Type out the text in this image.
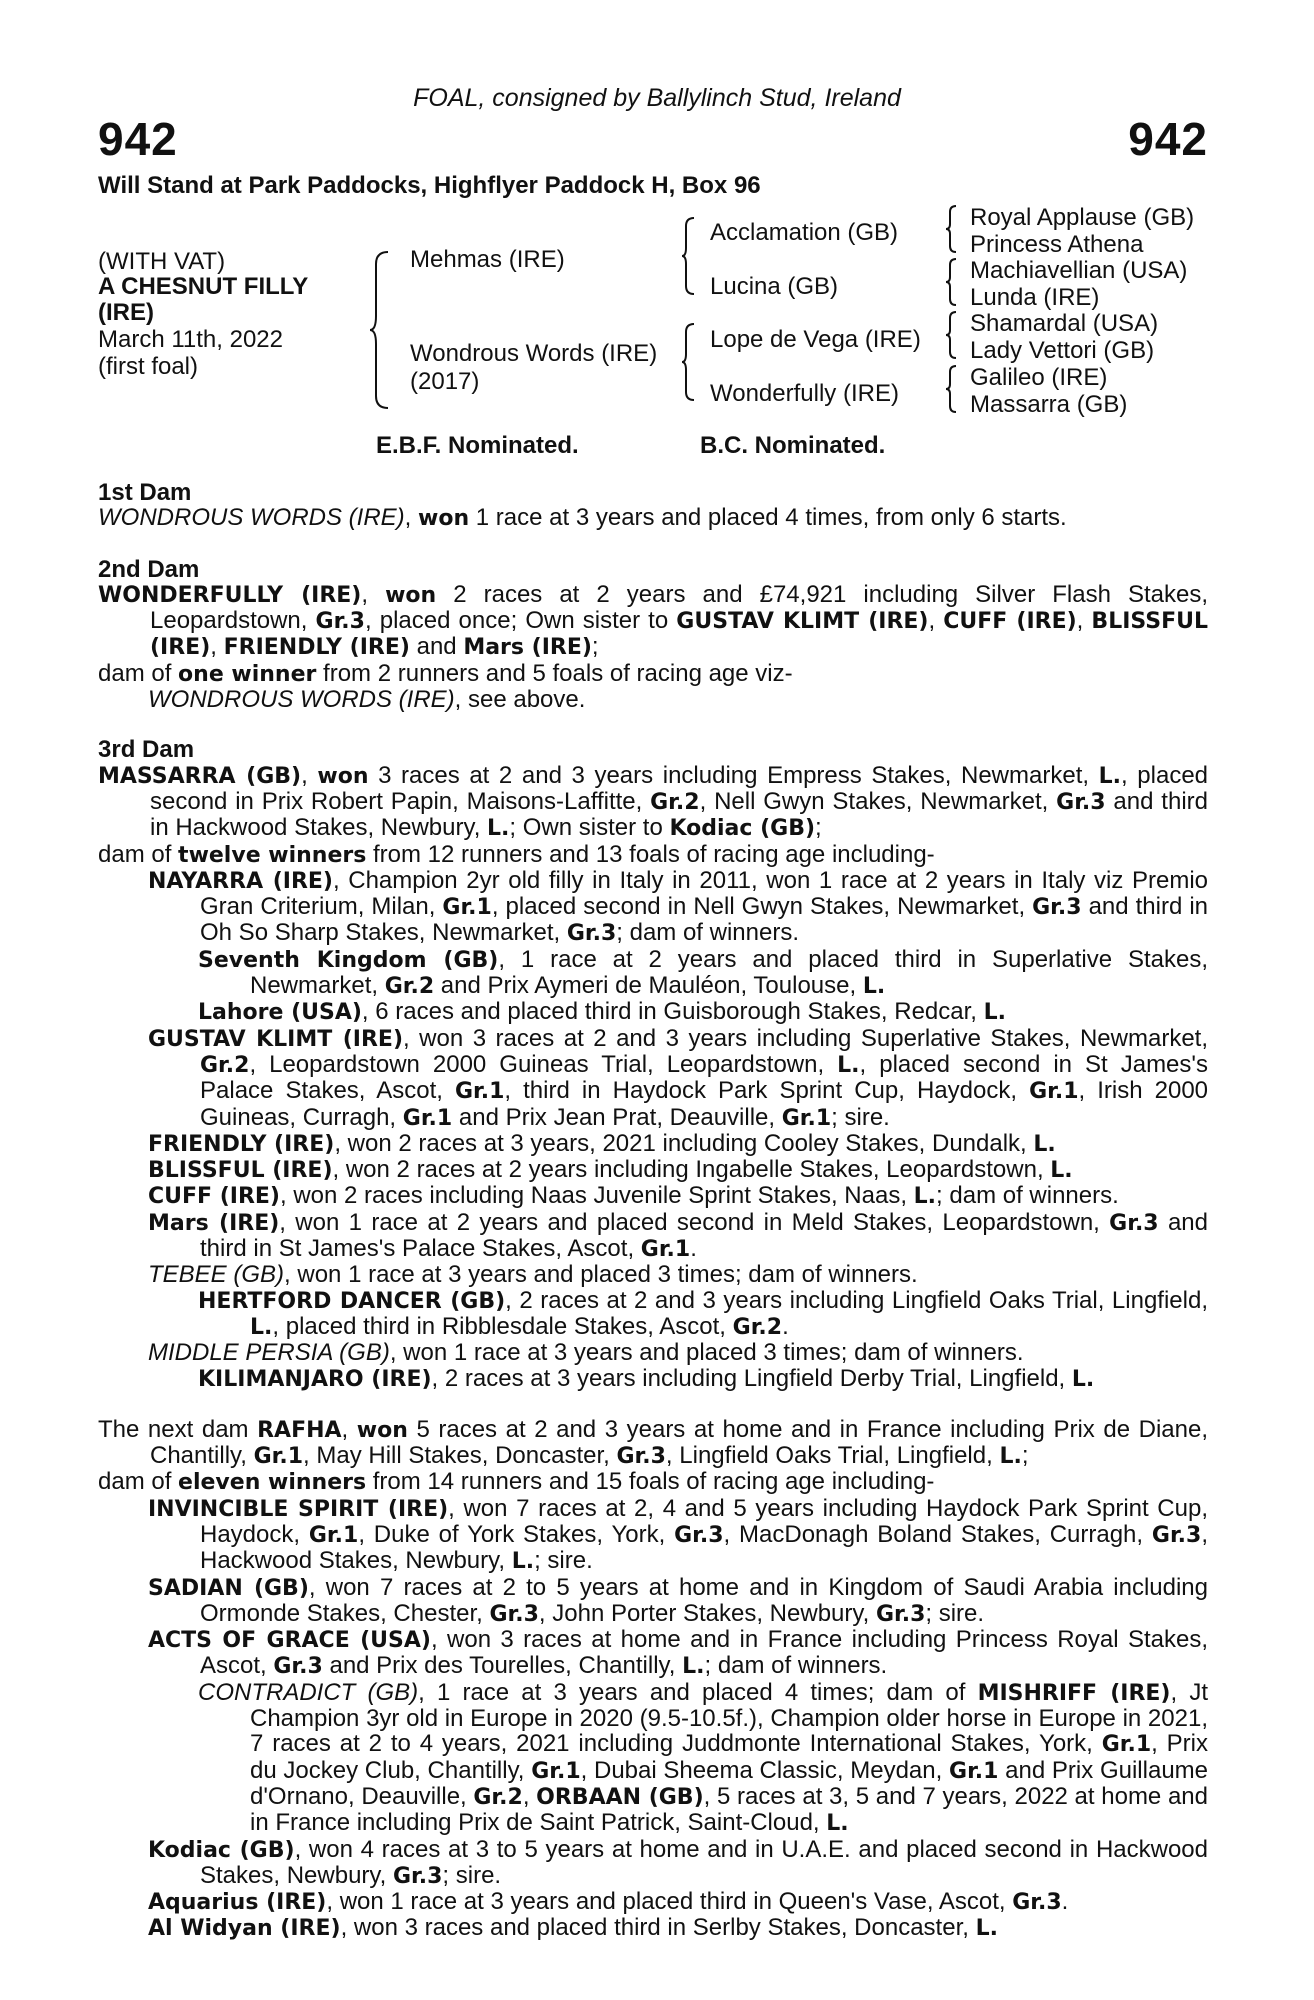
FOAL, consigned by Ballylinch Stud, Ireland
942	942
Will Stand at Park Paddocks, Highflyer Paddock H, Box 96
(WITH VAT)
A CHESNUT FILLY
(IRE)
March 11th, 2022
(first foal)
Mehmas (IRE)
Wondrous Words (IRE)
(2017)
Acclamation (GB)
Lucina (GB)
Lope de Vega (IRE)
Wonderfully (IRE)
Royal Applause (GB)
Princess Athena
Machiavellian (USA)
Lunda (IRE)
Shamardal (USA)
Lady Vettori (GB)
Galileo (IRE)
Massarra (GB)
E.B.F. Nominated.	B.C. Nominated.

1st Dam

WONDROUS WORDS (IRE), won 1 race at 3 years and placed 4 times, from only 6 starts.

2nd Dam

WONDERFULLY (IRE), won 2 races at 2 years and £74,921 including Silver Flash Stakes, Leopardstown, Gr.3, placed once; Own sister to GUSTAV KLIMT (IRE), CUFF (IRE), BLISSFUL (IRE), FRIENDLY (IRE) and Mars (IRE);

dam of one winner from 2 runners and 5 foals of racing age viz-

WONDROUS WORDS (IRE), see above.

3rd Dam

MASSARRA (GB), won 3 races at 2 and 3 years including Empress Stakes, Newmarket, L., placed second in Prix Robert Papin, Maisons-Laffitte, Gr.2, Nell Gwyn Stakes, Newmarket, Gr.3 and third in Hackwood Stakes, Newbury, L.; Own sister to Kodiac (GB);

dam of twelve winners from 12 runners and 13 foals of racing age including-

NAYARRA (IRE), Champion 2yr old filly in Italy in 2011, won 1 race at 2 years in Italy viz Premio Gran Criterium, Milan, Gr.1, placed second in Nell Gwyn Stakes, Newmarket, Gr.3 and third in Oh So Sharp Stakes, Newmarket, Gr.3; dam of winners.

Seventh Kingdom (GB), 1 race at 2 years and placed third in Superlative Stakes, Newmarket, Gr.2 and Prix Aymeri de Mauléon, Toulouse, L.

Lahore (USA), 6 races and placed third in Guisborough Stakes, Redcar, L.

GUSTAV KLIMT (IRE), won 3 races at 2 and 3 years including Superlative Stakes, Newmarket, Gr.2, Leopardstown 2000 Guineas Trial, Leopardstown, L., placed second in St James's Palace Stakes, Ascot, Gr.1, third in Haydock Park Sprint Cup, Haydock, Gr.1, Irish 2000 Guineas, Curragh, Gr.1 and Prix Jean Prat, Deauville, Gr.1; sire.

FRIENDLY (IRE), won 2 races at 3 years, 2021 including Cooley Stakes, Dundalk, L.

BLISSFUL (IRE), won 2 races at 2 years including Ingabelle Stakes, Leopardstown, L.

CUFF (IRE), won 2 races including Naas Juvenile Sprint Stakes, Naas, L.; dam of winners.

Mars (IRE), won 1 race at 2 years and placed second in Meld Stakes, Leopardstown, Gr.3 and third in St James's Palace Stakes, Ascot, Gr.1.

TEBEE (GB), won 1 race at 3 years and placed 3 times; dam of winners.

HERTFORD DANCER (GB), 2 races at 2 and 3 years including Lingfield Oaks Trial, Lingfield, L., placed third in Ribblesdale Stakes, Ascot, Gr.2.

MIDDLE PERSIA (GB), won 1 race at 3 years and placed 3 times; dam of winners.

KILIMANJARO (IRE), 2 races at 3 years including Lingfield Derby Trial, Lingfield, L.

The next dam RAFHA, won 5 races at 2 and 3 years at home and in France including Prix de Diane, Chantilly, Gr.1, May Hill Stakes, Doncaster, Gr.3, Lingfield Oaks Trial, Lingfield, L.;

dam of eleven winners from 14 runners and 15 foals of racing age including-

INVINCIBLE SPIRIT (IRE), won 7 races at 2, 4 and 5 years including Haydock Park Sprint Cup, Haydock, Gr.1, Duke of York Stakes, York, Gr.3, MacDonagh Boland Stakes, Curragh, Gr.3, Hackwood Stakes, Newbury, L.; sire.

SADIAN (GB), won 7 races at 2 to 5 years at home and in Kingdom of Saudi Arabia including Ormonde Stakes, Chester, Gr.3, John Porter Stakes, Newbury, Gr.3; sire.

ACTS OF GRACE (USA), won 3 races at home and in France including Princess Royal Stakes, Ascot, Gr.3 and Prix des Tourelles, Chantilly, L.; dam of winners.

CONTRADICT (GB), 1 race at 3 years and placed 4 times; dam of MISHRIFF (IRE), Jt Champion 3yr old in Europe in 2020 (9.5-10.5f.), Champion older horse in Europe in 2021, 7 races at 2 to 4 years, 2021 including Juddmonte International Stakes, York, Gr.1, Prix du Jockey Club, Chantilly, Gr.1, Dubai Sheema Classic, Meydan, Gr.1 and Prix Guillaume d'Ornano, Deauville, Gr.2, ORBAAN (GB), 5 races at 3, 5 and 7 years, 2022 at home and in France including Prix de Saint Patrick, Saint-Cloud, L.

Kodiac (GB), won 4 races at 3 to 5 years at home and in U.A.E. and placed second in Hackwood Stakes, Newbury, Gr.3; sire.

Aquarius (IRE), won 1 race at 3 years and placed third in Queen's Vase, Ascot, Gr.3.

Al Widyan (IRE), won 3 races and placed third in Serlby Stakes, Doncaster, L.
